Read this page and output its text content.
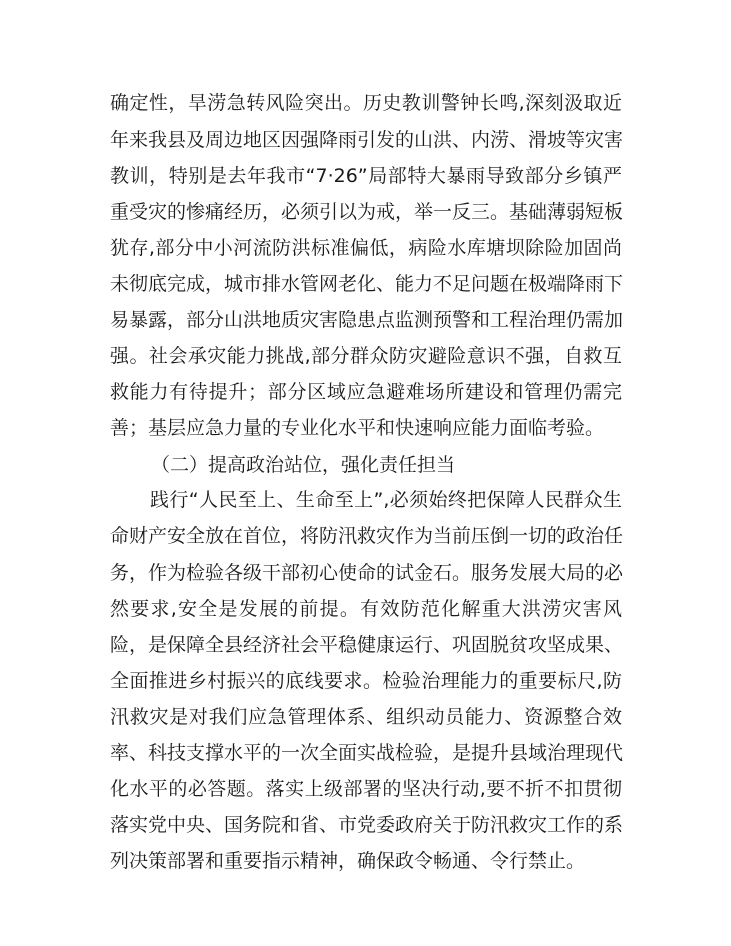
确定性，旱涝急转风险突出。历史教训警钟长鸣,深刻汲取近
年来我县及周边地区因强降雨引发的山洪、内涝、滑坡等灾害
教训，特别是去年我市“7·26”局部特大暴雨导致部分乡镇严
重受灾的惨痛经历，必须引以为戒，举一反三。基础薄弱短板
犹存,部分中小河流防洪标准偏低，病险水库塘坝除险加固尚
未彻底完成，城市排水管网老化、能力不足问题在极端降雨下
易暴露，部分山洪地质灾害隐患点监测预警和工程治理仍需加
强。社会承灾能力挑战,部分群众防灾避险意识不强，自救互
救能力有待提升；部分区域应急避难场所建设和管理仍需完
善；基层应急力量的专业化水平和快速响应能力面临考验。
（二）提高政治站位，强化责任担当
践行“人民至上、生命至上”,必须始终把保障人民群众生
命财产安全放在首位，将防汛救灾作为当前压倒一切的政治任
务，作为检验各级干部初心使命的试金石。服务发展大局的必
然要求,安全是发展的前提。有效防范化解重大洪涝灾害风
险，是保障全县经济社会平稳健康运行、巩固脱贫攻坚成果、
全面推进乡村振兴的底线要求。检验治理能力的重要标尺,防
汛救灾是对我们应急管理体系、组织动员能力、资源整合效
率、科技支撑水平的一次全面实战检验，是提升县域治理现代
化水平的必答题。落实上级部署的坚决行动,要不折不扣贯彻
落实党中央、国务院和省、市党委政府关于防汛救灾工作的系
列决策部署和重要指示精神，确保政令畅通、令行禁止。
